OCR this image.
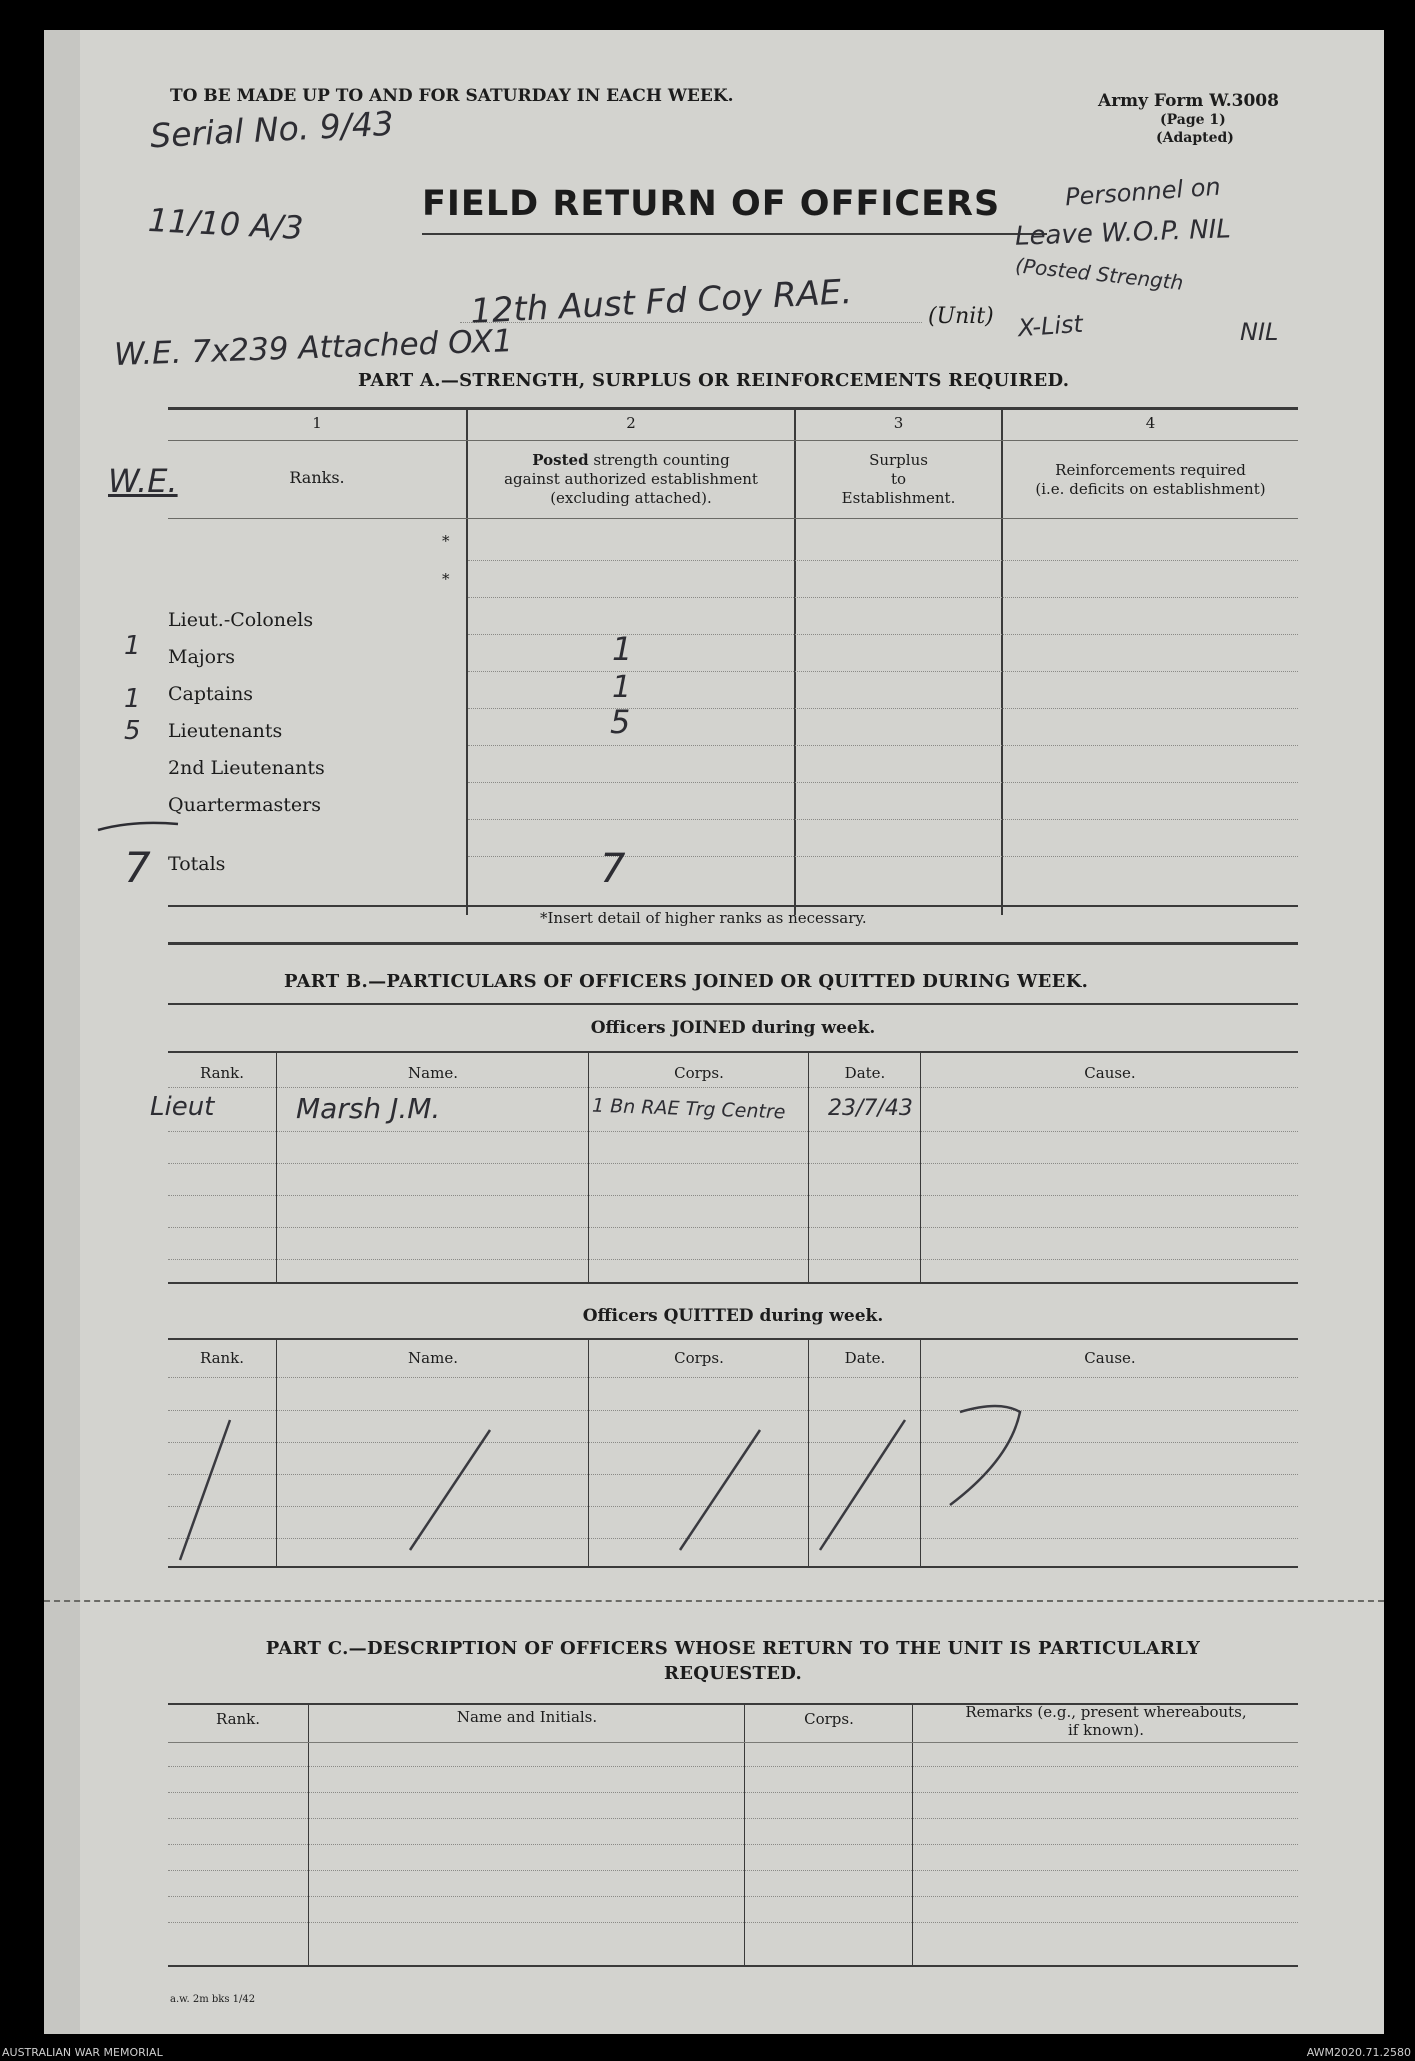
TO BE MADE UP TO AND FOR SATURDAY IN EACH WEEK.	Army Form W.3008
(Page 1)
(Adapted)
Serial No. 9/43
11/10 A/3	FIELD RETURN OF OFFICERS	Personnel on
Leave W.O.P. NIL
(Posted Strength
12th Aust Fd Coy RAE.	(Unit) X-List	NIL
W.E. 7x239 Attached OX1
PART A.—STRENGTH, SURPLUS OR REINFORCEMENTS REQUIRED.
1	2	3	4
W.E.	Ranks.
Posted strength counting
against authorized establishment
(excluding attached).
Surplus
to
Establishment.
Reinforcements required
(i.e. deficits on establishment)
*
*
Lieut.-Colonels
1 Majors	1
1 Captains	1
5 Lieutenants	5
2nd Lieutenants
Quartermasters
7 Totals	7
*Insert detail of higher ranks as necessary.
PART B.—PARTICULARS OF OFFICERS JOINED OR QUITTED DURING WEEK.
Officers JOINED during week.
Rank.	Name.	Corps.	Date.	Cause.
Lieut	Marsh J.M.	1 Bn RAE Trg Centre 23/7/43
Officers QUITTED during week.
Rank.	Name.	Corps.	Date.	Cause.
PART C.—DESCRIPTION OF OFFICERS WHOSE RETURN TO THE UNIT IS PARTICULARLY
REQUESTED.
Rank.	Name and Initials.	Corps.	Remarks (e.g., present whereabouts,
if known).
a.w. 2m bks 1/42
AUSTRALIAN WAR MEMORIAL	AWM2020.71.2580
